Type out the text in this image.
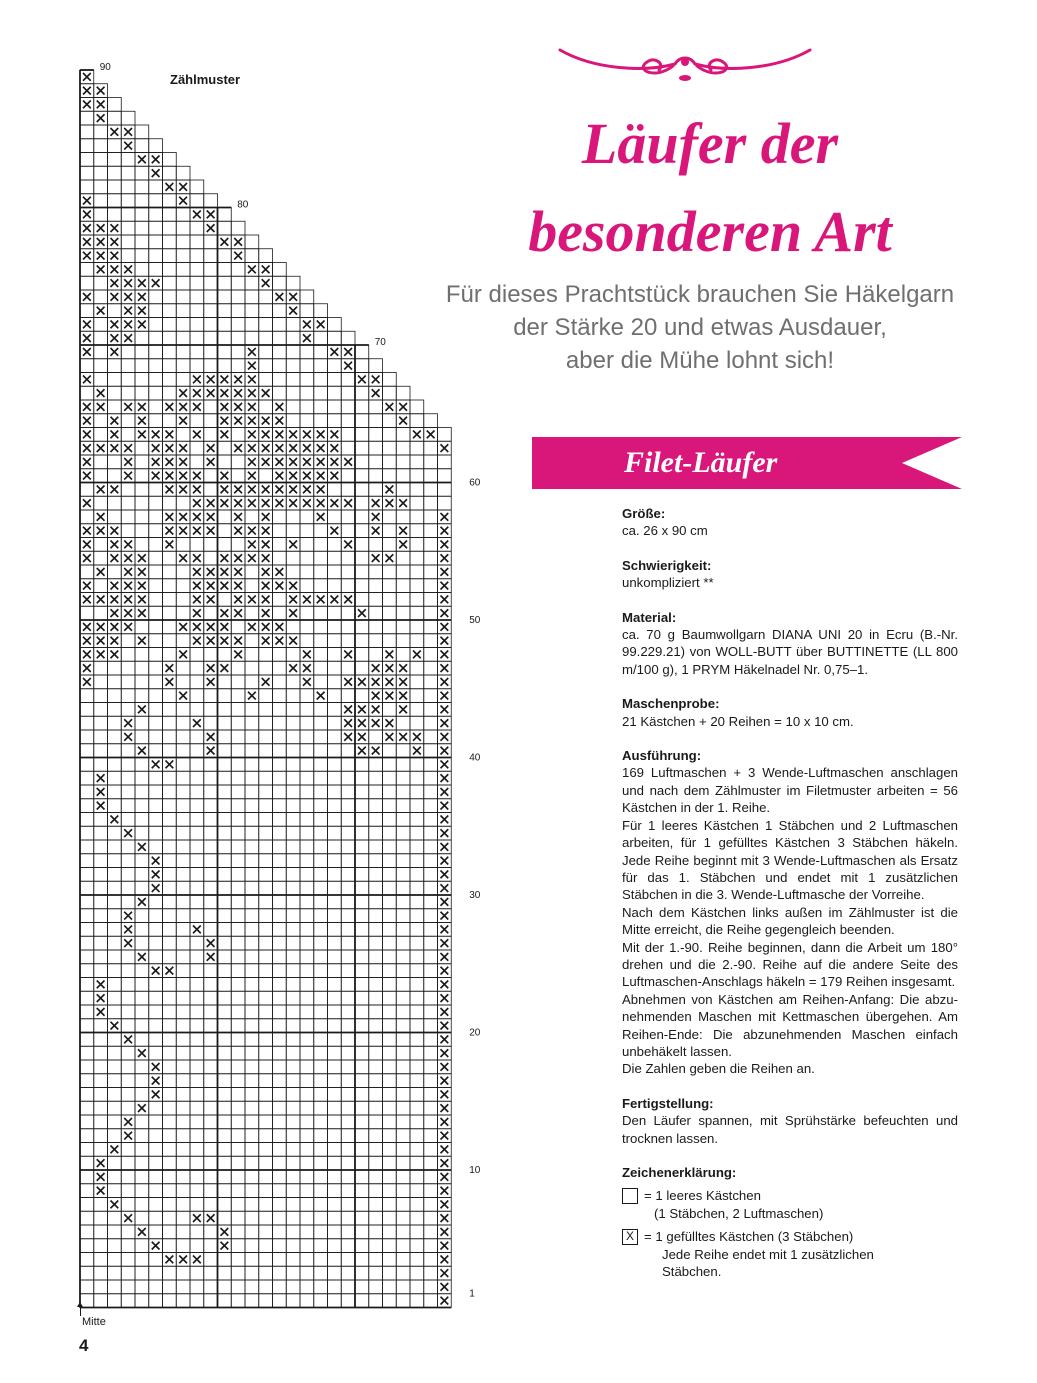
90
80
70
60
50
40
30
20
10
1
Zählmuster
Mitte
4
Läufer der
besonderen Art
Für dieses Prachtstück brauchen Sie Häkelgarn
der Stärke 20 und etwas Ausdauer,
aber die Mühe lohnt sich!
Filet-Läufer
Größe:

ca. 26 x 90 cm

Schwierigkeit:

unkompliziert **

Material:

ca. 70 g Baumwollgarn DIANA UNI 20 in Ecru (B.-Nr. 99.229.21) von WOLL-BUTT über BUTTINETTE (LL 800 m/100 g), 1 PRYM Häkelnadel Nr. 0,75–1.

Maschenprobe:

21 Kästchen + 20 Reihen = 10 x 10 cm.

Ausführung:

169 Luftmaschen + 3 Wende-Luftmaschen anschlagen und nach dem Zählmuster im Filetmuster arbeiten = 56 Kästchen in der 1. Reihe.

Für 1 leeres Kästchen 1 Stäbchen und 2 Luftmaschen arbeiten, für 1 gefülltes Kästchen 3 Stäbchen häkeln. Jede Reihe beginnt mit 3 Wende-Luftmaschen als Ersatz für das 1. Stäbchen und endet mit 1 zusätzlichen Stäbchen in die 3. Wende-Luftmasche der Vorreihe.

Nach dem Kästchen links außen im Zählmuster ist die Mitte erreicht, die Reihe gegengleich beenden.

Mit der 1.-90. Reihe beginnen, dann die Arbeit um 180° drehen und die 2.-90. Reihe auf die andere Seite des Luftmaschen-Anschlags häkeln = 179 Reihen insgesamt.

Abnehmen von Kästchen am Reihen-Anfang: Die abzu-nehmenden Maschen mit Kettmaschen übergehen. Am Reihen-Ende: Die abzunehmenden Maschen einfach unbehäkelt lassen.

Die Zahlen geben die Reihen an.

Fertigstellung:

Den Läufer spannen, mit Sprühstärke befeuchten und trocknen lassen.

Zeichenerklärung:
= 1 leeres Kästchen
(1 Stäbchen, 2 Luftmaschen)
X = 1 gefülltes Kästchen (3 Stäbchen)
Jede Reihe endet mit 1 zusätzlichen
Stäbchen.
